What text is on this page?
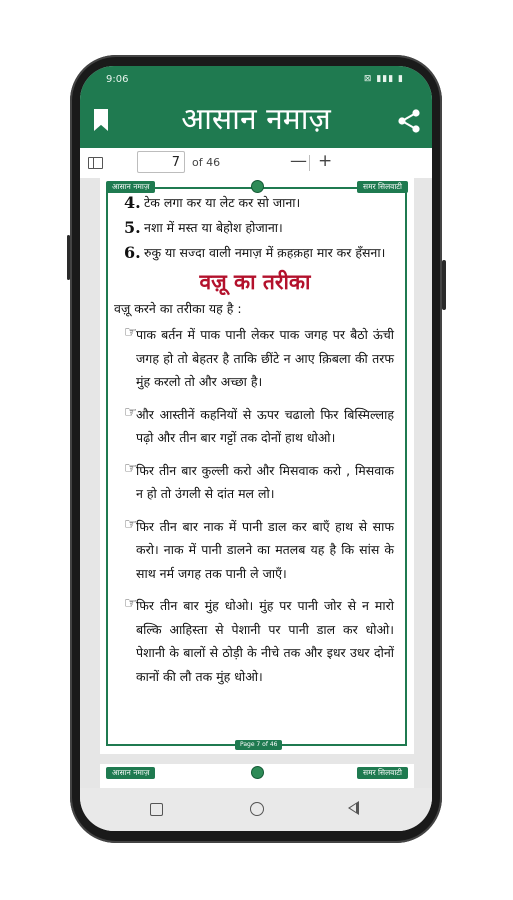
9:06	⊠ ▮▮▮ ▮
आसान नमाज़
7	of 46	— +
आसान नमाज़	समर सिलवाटी
4. टेक लगा कर या लेट कर सो जाना।
5. नशा में मस्त या बेहोश होजाना।
6. रुकु या सज्दा वाली नमाज़ में क़हक़हा मार कर हँसना।
वज़ू का तरीका
वज़ू करने का तरीका यह है :
☞
पाक बर्तन में पाक पानी लेकर पाक जगह पर बैठो ऊंची जगह हो तो बेहतर है ताकि छींटे न आए क़िबला की तरफ मुंह करलो तो और अच्छा है।
☞
और आस्तीनें कहनियों से ऊपर चढालो फिर बिस्मिल्लाह पढ़ो और तीन बार गट्टों तक दोनों हाथ धोओ।
☞
फिर तीन बार कुल्ली करो और मिसवाक करो , मिसवाक न हो तो उंगली से दांत मल लो।
☞
फिर तीन बार नाक में पानी डाल कर बाएँ हाथ से साफ करो। नाक में पानी डालने का मतलब यह है कि सांस के साथ नर्म जगह तक पानी ले जाएँ।
☞
फिर तीन बार मुंह धोओ। मुंह पर पानी जोर से न मारो बल्कि आहिस्ता से पेशानी पर पानी डाल कर धोओ। पेशानी के बालों से ठोड़ी के नीचे तक और इधर उधर दोनों कानों की लौ तक मुंह धोओ।
Page 7 of 46
आसान नमाज़	समर सिलवाटी
